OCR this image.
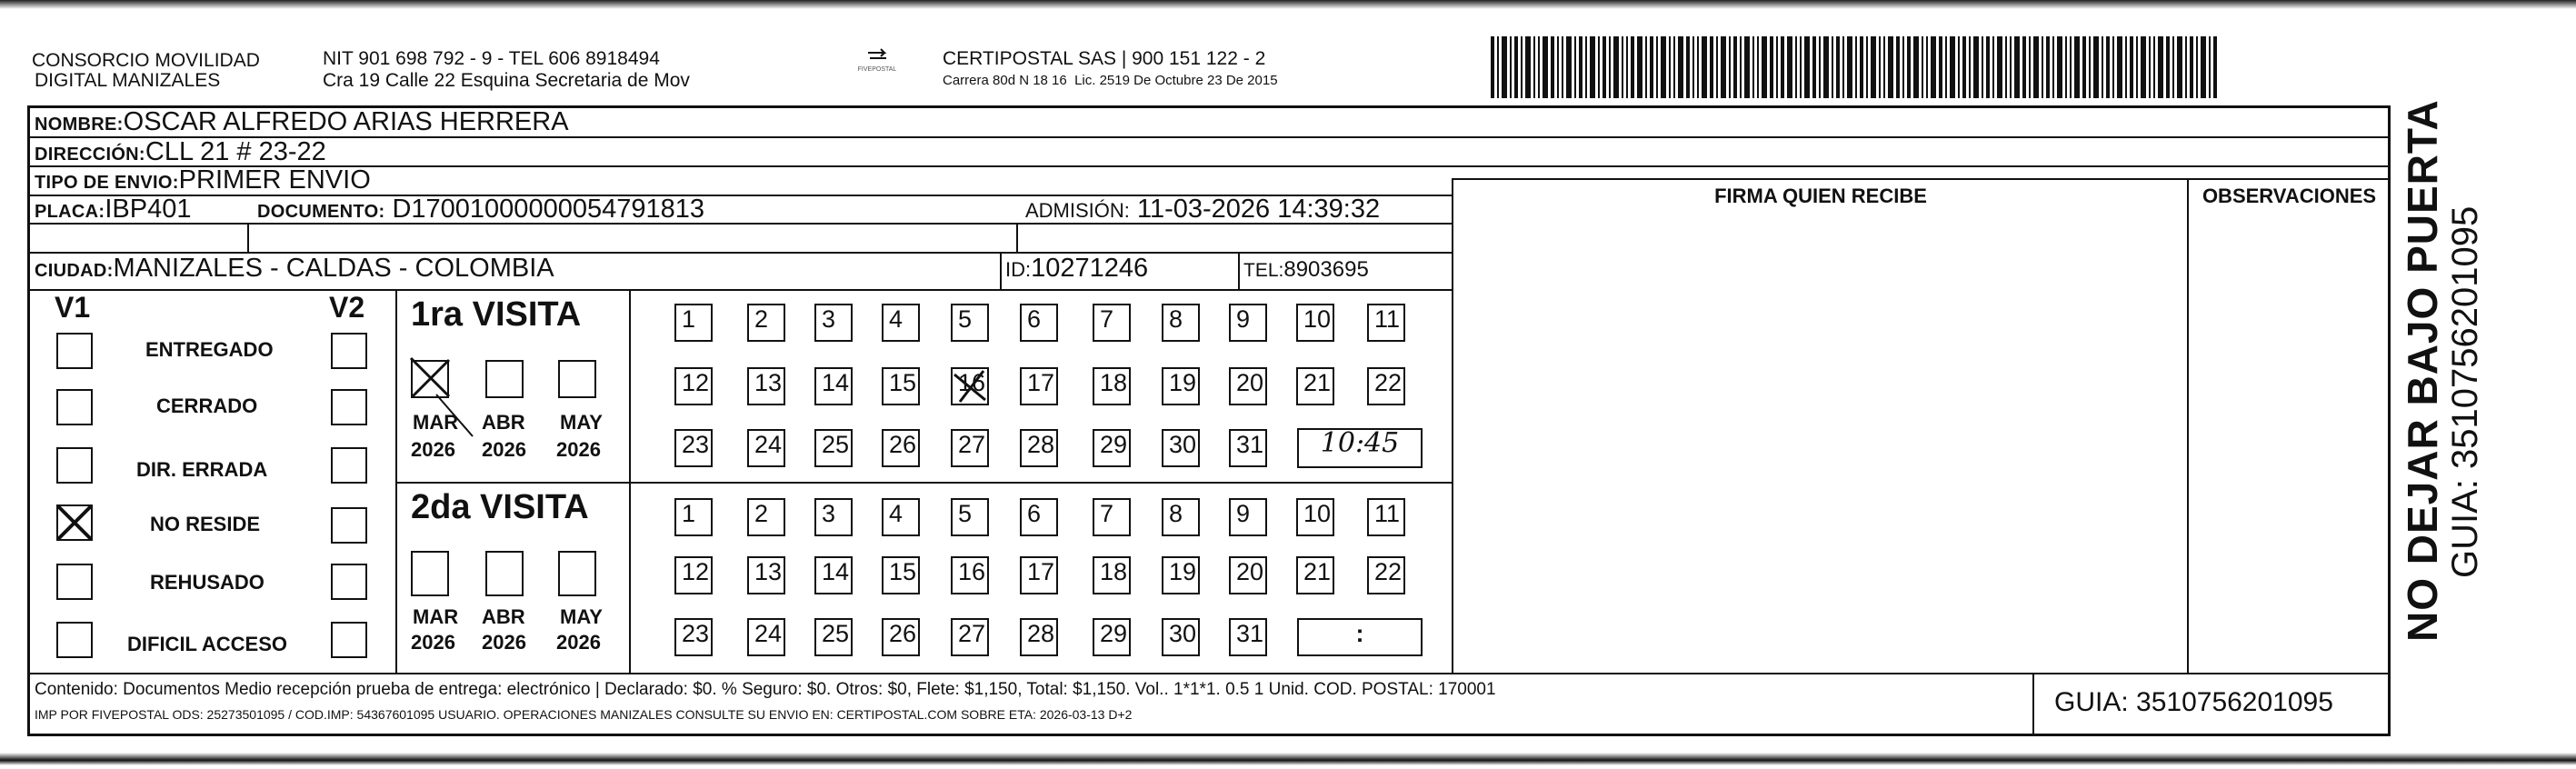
CONSORCIO MOVILIDAD
DIGITAL MANIZALES
NIT 901 698 792 - 9 - TEL 606 8918494
Cra 19 Calle 22 Esquina Secretaria de Mov
FIVEPOSTAL
CERTIPOSTAL SAS | 900 151 122 - 2
Carrera 80d N 18 16  Lic. 2519 De Octubre 23 De 2015
NOMBRE:OSCAR ALFREDO ARIAS HERRERA
DIRECCIÓN:CLL 21 # 23-22
TIPO DE ENVIO:PRIMER ENVIO
PLACA:IBP401	DOCUMENTO: D17001000000054791813	ADMISIÓN: 11-03-2026 14:39:32
CIUDAD:MANIZALES - CALDAS - COLOMBIA	ID:10271246	TEL:8903695
FIRMA QUIEN RECIBE	OBSERVACIONES
V1	V2
ENTREGADO
CERRADO
DIR. ERRADA
NO RESIDE
REHUSADO
DIFICIL ACCESO
1ra VISITA
MAR ABR MAY
2026 2026 2026
1	2	3	4	5	6	7	8	9	10 11
12 13 14 15 16 17 18 19 20 21 22
23 24 25 26 27 28 29 30 31	10:45
2da VISITA
MAR ABR MAY
2026 2026 2026
1	2	3	4	5	6	7	8	9	10 11
12 13 14 15 16 17 18 19 20 21 22
23 24 25 26 27 28 29 30 31	:
Contenido: Documentos Medio recepción prueba de entrega: electrónico | Declarado: $0. % Seguro: $0. Otros: $0, Flete: $1,150, Total: $1,150. Vol.. 1*1*1. 0.5 1 Unid. COD. POSTAL: 170001
IMP POR FIVEPOSTAL ODS: 25273501095 / COD.IMP: 54367601095 USUARIO. OPERACIONES MANIZALES CONSULTE SU ENVIO EN: CERTIPOSTAL.COM SOBRE ETA: 2026-03-13 D+2	GUIA: 3510756201095
NO DEJAR BAJO PUERTA GUIA: 3510756201095
